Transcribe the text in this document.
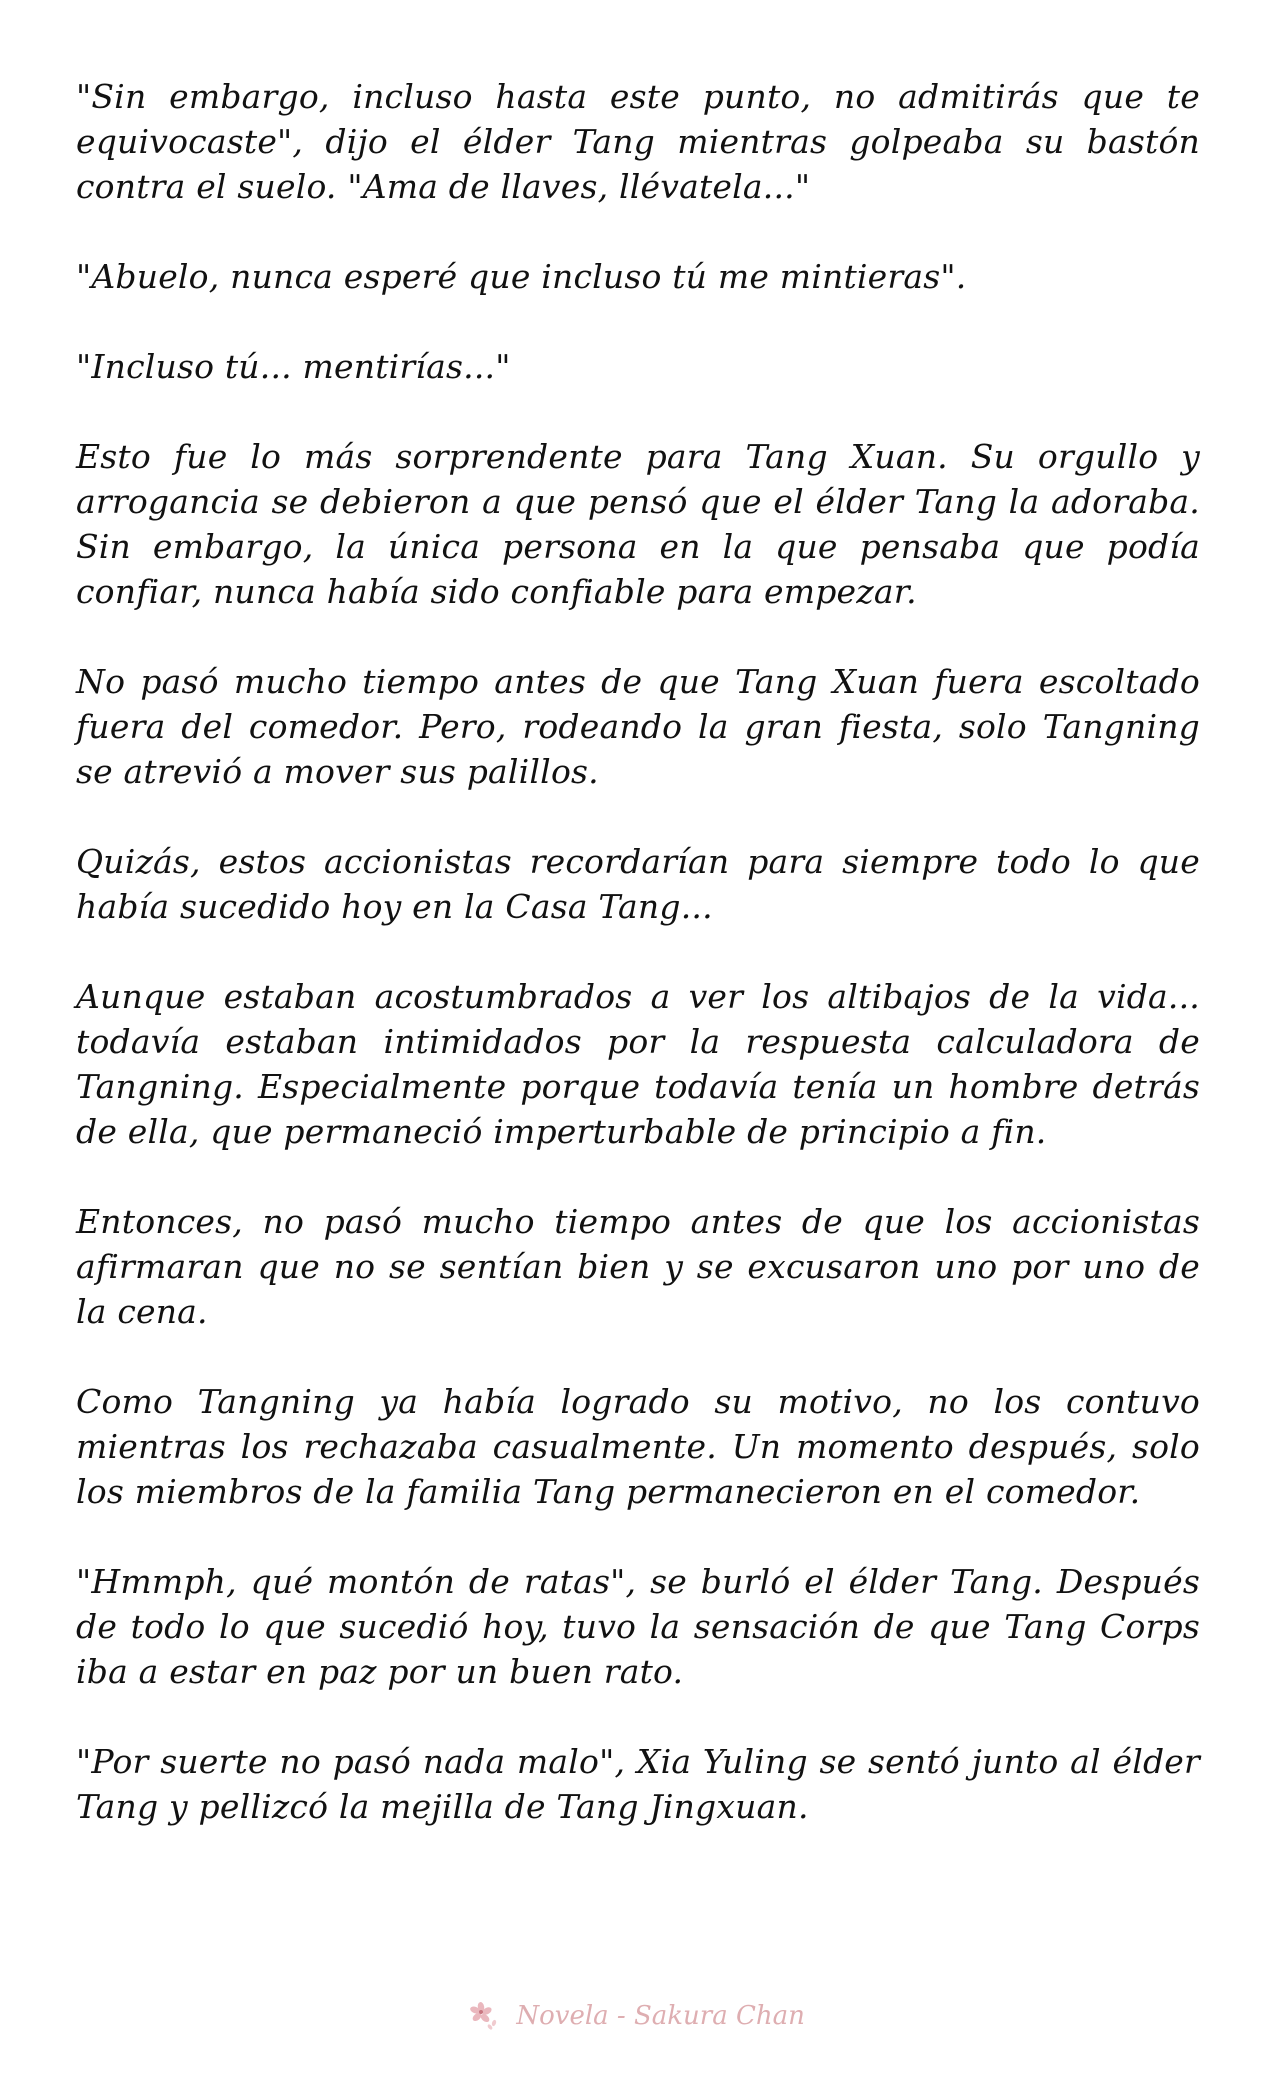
"Sin embargo, incluso hasta este punto, no admitirás que te equivocaste", dijo el élder Tang mientras golpeaba su bastón contra el suelo. "Ama de llaves, llévatela..."

"Abuelo, nunca esperé que incluso tú me mintieras".

"Incluso tú... mentirías..."

Esto fue lo más sorprendente para Tang Xuan. Su orgullo y arrogancia se debieron a que pensó que el élder Tang la adoraba. Sin embargo, la única persona en la que pensaba que podía confiar, nunca había sido confiable para empezar.

No pasó mucho tiempo antes de que Tang Xuan fuera escoltado fuera del comedor. Pero, rodeando la gran fiesta, solo Tangning se atrevió a mover sus palillos.

Quizás, estos accionistas recordarían para siempre todo lo que había sucedido hoy en la Casa Tang...

Aunque estaban acostumbrados a ver los altibajos de la vida... todavía estaban intimidados por la respuesta calculadora de Tangning. Especialmente porque todavía tenía un hombre detrás de ella, que permaneció imperturbable de principio a fin.

Entonces, no pasó mucho tiempo antes de que los accionistas afirmaran que no se sentían bien y se excusaron uno por uno de la cena.

Como Tangning ya había logrado su motivo, no los contuvo mientras los rechazaba casualmente. Un momento después, solo los miembros de la familia Tang permanecieron en el comedor.

"Hmmph, qué montón de ratas", se burló el élder Tang. Después de todo lo que sucedió hoy, tuvo la sensación de que Tang Corps iba a estar en paz por un buen rato.

"Por suerte no pasó nada malo", Xia Yuling se sentó junto al élder Tang y pellizcó la mejilla de Tang Jingxuan.

Novela - Sakura Chan
